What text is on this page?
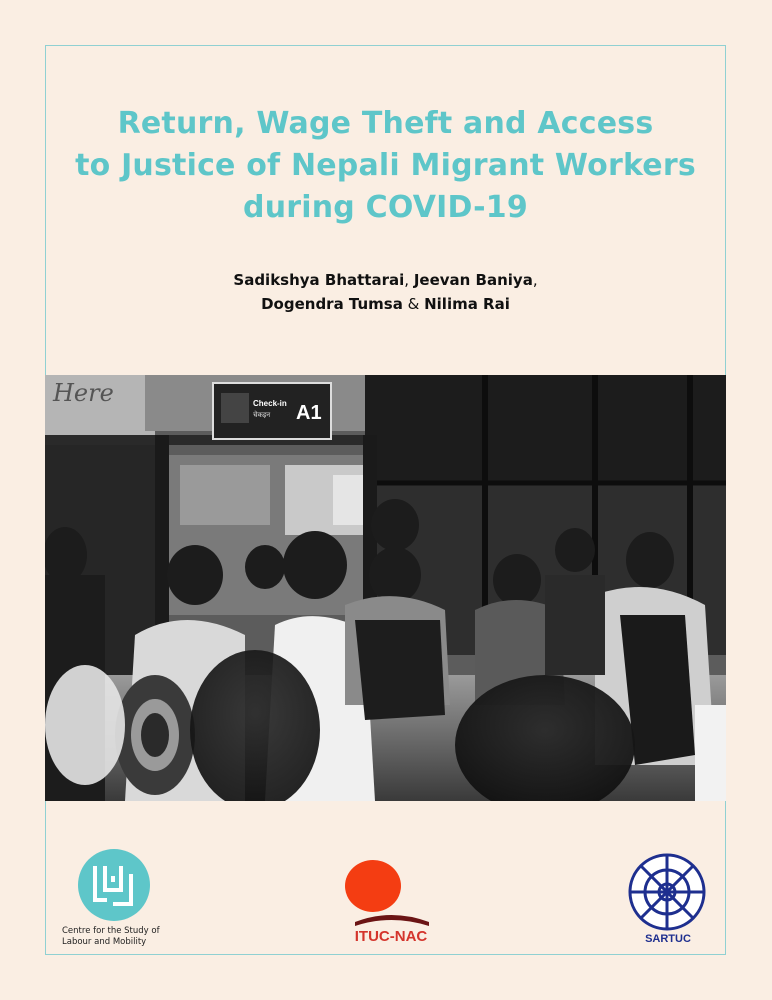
Return, Wage Theft and Access
to Justice of Nepali Migrant Workers
during COVID-19
Sadikshya Bhattarai, Jeevan Baniya,
Dogendra Tumsa & Nilima Rai
Here	Check-in
चेकइन A1
Centre for the Study of
Labour and Mobility	ITUC-NAC	SARTUC
